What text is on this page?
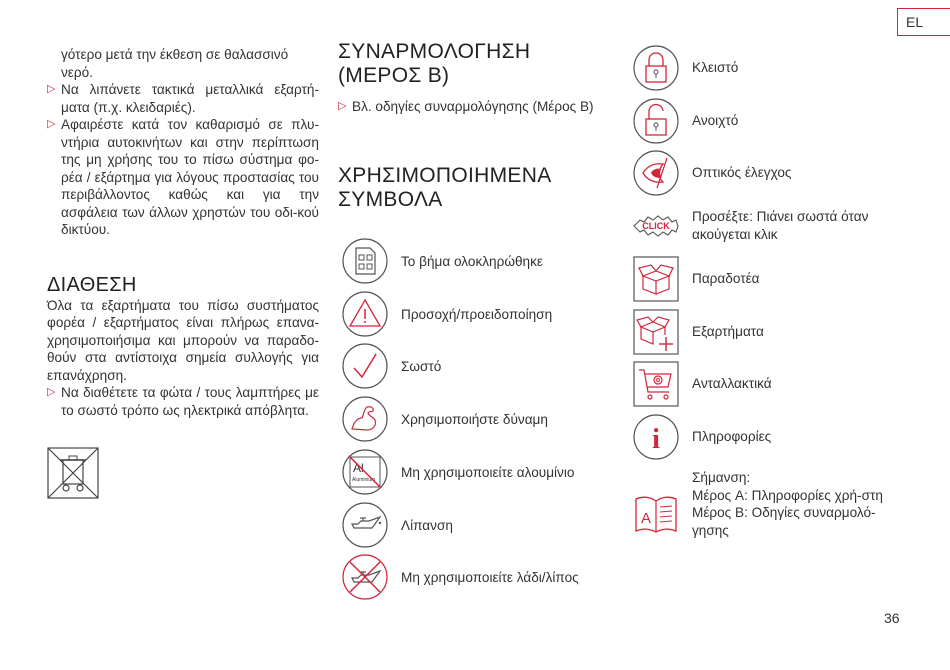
EL

γότερο μετά την έκθεση σε θαλασσινό

νερό.

▷ Να λιπάνετε τακτικά μεταλλικά εξαρτή-ματα (π.χ. κλειδαριές).

▷ Αφαιρέστε κατά τον καθαρισμό σε πλυ-ντήρια αυτοκινήτων και στην περίπτωση της μη χρήσης του το πίσω σύστημα φο-ρέα / εξάρτημα για λόγους προστασίας του περιβάλλοντος καθώς και για την ασφάλεια των άλλων χρηστών του οδι-κού δικτύου.

ΔΙΑΘΕΣΗ

Όλα τα εξαρτήματα του πίσω συστήματος φορέα / εξαρτήματος είναι πλήρως επανα-χρησιμοποιήσιμα και μπορούν να παραδο-θούν στα αντίστοιχα σημεία συλλογής για επανάχρηση.

▷ Να διαθέτετε τα φώτα / τους λαμπτήρες με το σωστό τρόπο ως ηλεκτρικά απόβλητα.

ΣΥΝΑΡΜΟΛΟΓΗΣΗ
(ΜΕΡΟΣ B)

▷ Βλ. οδηγίες συναρμολόγησης (Μέρος B)

ΧΡΗΣΙΜΟΠΟΙΗΜΕΝΑ
ΣΥΜΒΟΛΑ
Το βήμα ολοκληρώθηκε
Προσοχή/προειδοποίηση
Σωστό
Χρησιμοποιήστε δύναμη
Al
Aluminium
Μη χρησιμοποιείτε αλουμίνιο
Λίπανση
Μη χρησιμοποιείτε λάδι/λίπος
Κλειστό
Ανοιχτό
Οπτικός έλεγχος
CLICK
Προσέξτε: Πιάνει σωστά όταν ακούγεται κλικ
Παραδοτέα
Εξαρτήματα
Ανταλλακτικά
i Πληροφορίες
A
Σήμανση:
Μέρος A: Πληροφορίες χρή-στη
Μέρος B: Οδηγίες συναρμολό-γησης
36
